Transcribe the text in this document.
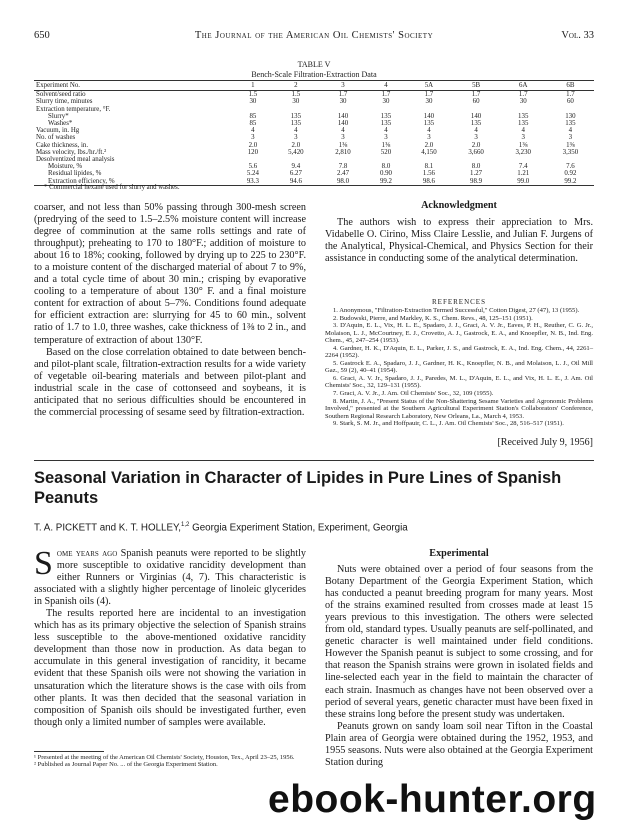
650	The Journal of the American Oil Chemists' Society	Vol. 33
TABLE V
Bench-Scale Filtration-Extraction Data
Experiment No.	1	2	3	4	5A	5B	6A	6B
Solvent/seed ratio	1.5	1.5	1.7	1.7	1.7	1.7	1.7	1.7
Slurry time, minutes	30	30	30	30	30	60	30	60
Extraction temperature, °F.								
Slurry*	85	135	140	135	140	140	135	130
Washes*	85	135	140	135	135	135	135	135
Vacuum, in. Hg	4	4	4	4	4	4	4	4
No. of washes	3	3	3	3	3	3	3	3
Cake thickness, in.	2.0	2.0	1⅜	1⅜	2.0	2.0	1⅜	1⅜
Mass velocity, lbs./hr./ft.²	120	5,420	2,810	520	4,150	3,660	3,230	3,350
Desolventized meal analysis								
Moisture, %	5.6	9.4	7.8	8.0	8.1	8.0	7.4	7.6
Residual lipides, %	5.24	6.27	2.47	0.90	1.56	1.27	1.21	0.92
Extraction efficiency, %	93.3	94.6	98.0	99.2	98.6	98.9	99.0	99.2
* Commercial hexane used for slurry and washes.

coarser, and not less than 50% passing through 300-mesh screen (predrying of the seed to 1.5–2.5% moisture content will increase degree of comminution at the same rolls settings and rate of throughput); preheating to 170 to 180°F.; addition of moisture to about 16 to 18%; cooking, followed by drying up to 225 to 230°F. to a moisture content of the discharged material of about 7 to 9%, and a total cycle time of about 30 min.; crisping by evaporative cooling to a temperature of about 130° F. and a final moisture content for extraction of about 5–7%. Conditions found adequate for efficient extraction are: slurrying for 45 to 60 min., solvent ratio of 1.7 to 1.0, three washes, cake thickness of 1⅜ to 2 in., and temperature of extraction of about 130°F.

Based on the close correlation obtained to date between bench- and pilot-plant scale, filtration-extraction results for a wide variety of vegetable oil-bearing materials and between pilot-plant and industrial scale in the case of cottonseed and soybeans, it is anticipated that no serious difficulties should be encountered in the commercial processing of sesame seed by filtration-extraction.

Acknowledgment

The authors wish to express their appreciation to Mrs. Vidabelle O. Cirino, Miss Claire Lesslie, and Julian F. Jurgens of the Analytical, Physical-Chemical, and Physics Section for their assistance in conducting some of the analytical determination.

REFERENCES
1. Anonymous, "Filtration-Extraction Termed Successful," Cotton Digest, 27 (47), 13 (1955).
2. Budowski, Pierre, and Markley, K. S., Chem. Revs., 48, 125–151 (1951).
3. D'Aquin, E. L., Vix, H. L. E., Spadaro, J. J., Graci, A. V. Jr., Eaves, P. H., Reuther, C. G. Jr., Molaison, L. J., McCourtney, E. J., Crovetto, A. J., Gastrock, E. A., and Knoepfler, N. B., Ind. Eng. Chem., 45, 247–254 (1953).
4. Gardner, H. K., D'Aquin, E. L., Parker, J. S., and Gastrock, E. A., Ind. Eng. Chem., 44, 2261–2264 (1952).
5. Gastrock E. A., Spadaro, J. J., Gardner, H. K., Knoepfler, N. B., and Molaison, L. J., Oil Mill Gaz., 59 (2), 40–41 (1954).
6. Graci, A. V. Jr., Spadaro, J. J., Paredes, M. L., D'Aquin, E. L., and Vix, H. L. E., J. Am. Oil Chemists' Soc., 32, 129–131 (1955).
7. Graci, A. V. Jr., J. Am. Oil Chemists' Soc., 32, 109 (1955).
8. Martin, J. A., "Present Status of the Non-Shattering Sesame Varieties and Agronomic Problems Involved," presented at the Southern Agricultural Experiment Station's Collaborators' Conference, Southern Regional Research Laboratory, New Orleans, La., March 4, 1953.
9. Stark, S. M. Jr., and Hoffpauir, C. L., J. Am. Oil Chemists' Soc., 28, 516–517 (1951).
[Received July 9, 1956]
Seasonal Variation in Character of Lipides in Pure Lines of Spanish Peanuts
T. A. PICKETT and K. T. HOLLEY,$^{1,2}$ Georgia Experiment Station, Experiment, Georgia

Some years ago Spanish peanuts were reported to be slightly more susceptible to oxidative rancidity development than either Runners or Virginias (4, 7). This characteristic is associated with a slightly higher percentage of linoleic glycerides in Spanish oils (4).

The results reported here are incidental to an investigation which has as its primary objective the selection of Spanish strains less susceptible to the above-mentioned oxidative rancidity development than those now in production. As data began to accumulate in this general investigation of rancidity, it became evident that these Spanish oils were not showing the variation in unsaturation which the literature shows is the case with oils from other plants. It was then decided that the seasonal variation in composition of Spanish oils should be investigated further, even though only a limited number of samples were available.

¹ Presented at the meeting of the American Oil Chemists' Society, Houston, Tex., April 23–25, 1956.
² Published as Journal Paper No. ... of the Georgia Experiment Station.
Experimental

Nuts were obtained over a period of four seasons from the Botany Department of the Georgia Experiment Station, which has conducted a peanut breeding program for many years. Most of the strains examined resulted from crosses made at least 15 years previous to this investigation. The others were selected from old, standard types. Usually peanuts are self-pollinated, and genetic character is well maintained under field conditions. However the Spanish peanut is subject to some crossing, and for that reason the Spanish strains were grown in isolated fields and line-selected each year in the field to maintain the character of each strain. Inasmuch as changes have not been observed over a period of several years, genetic character must have been fixed in these strains long before the present study was undertaken.

Peanuts grown on sandy loam soil near Tifton in the Coastal Plain area of Georgia were obtained during the 1952, 1953, and 1955 seasons. Nuts were also obtained at the Georgia Experiment Station during

ebook-hunter.org
